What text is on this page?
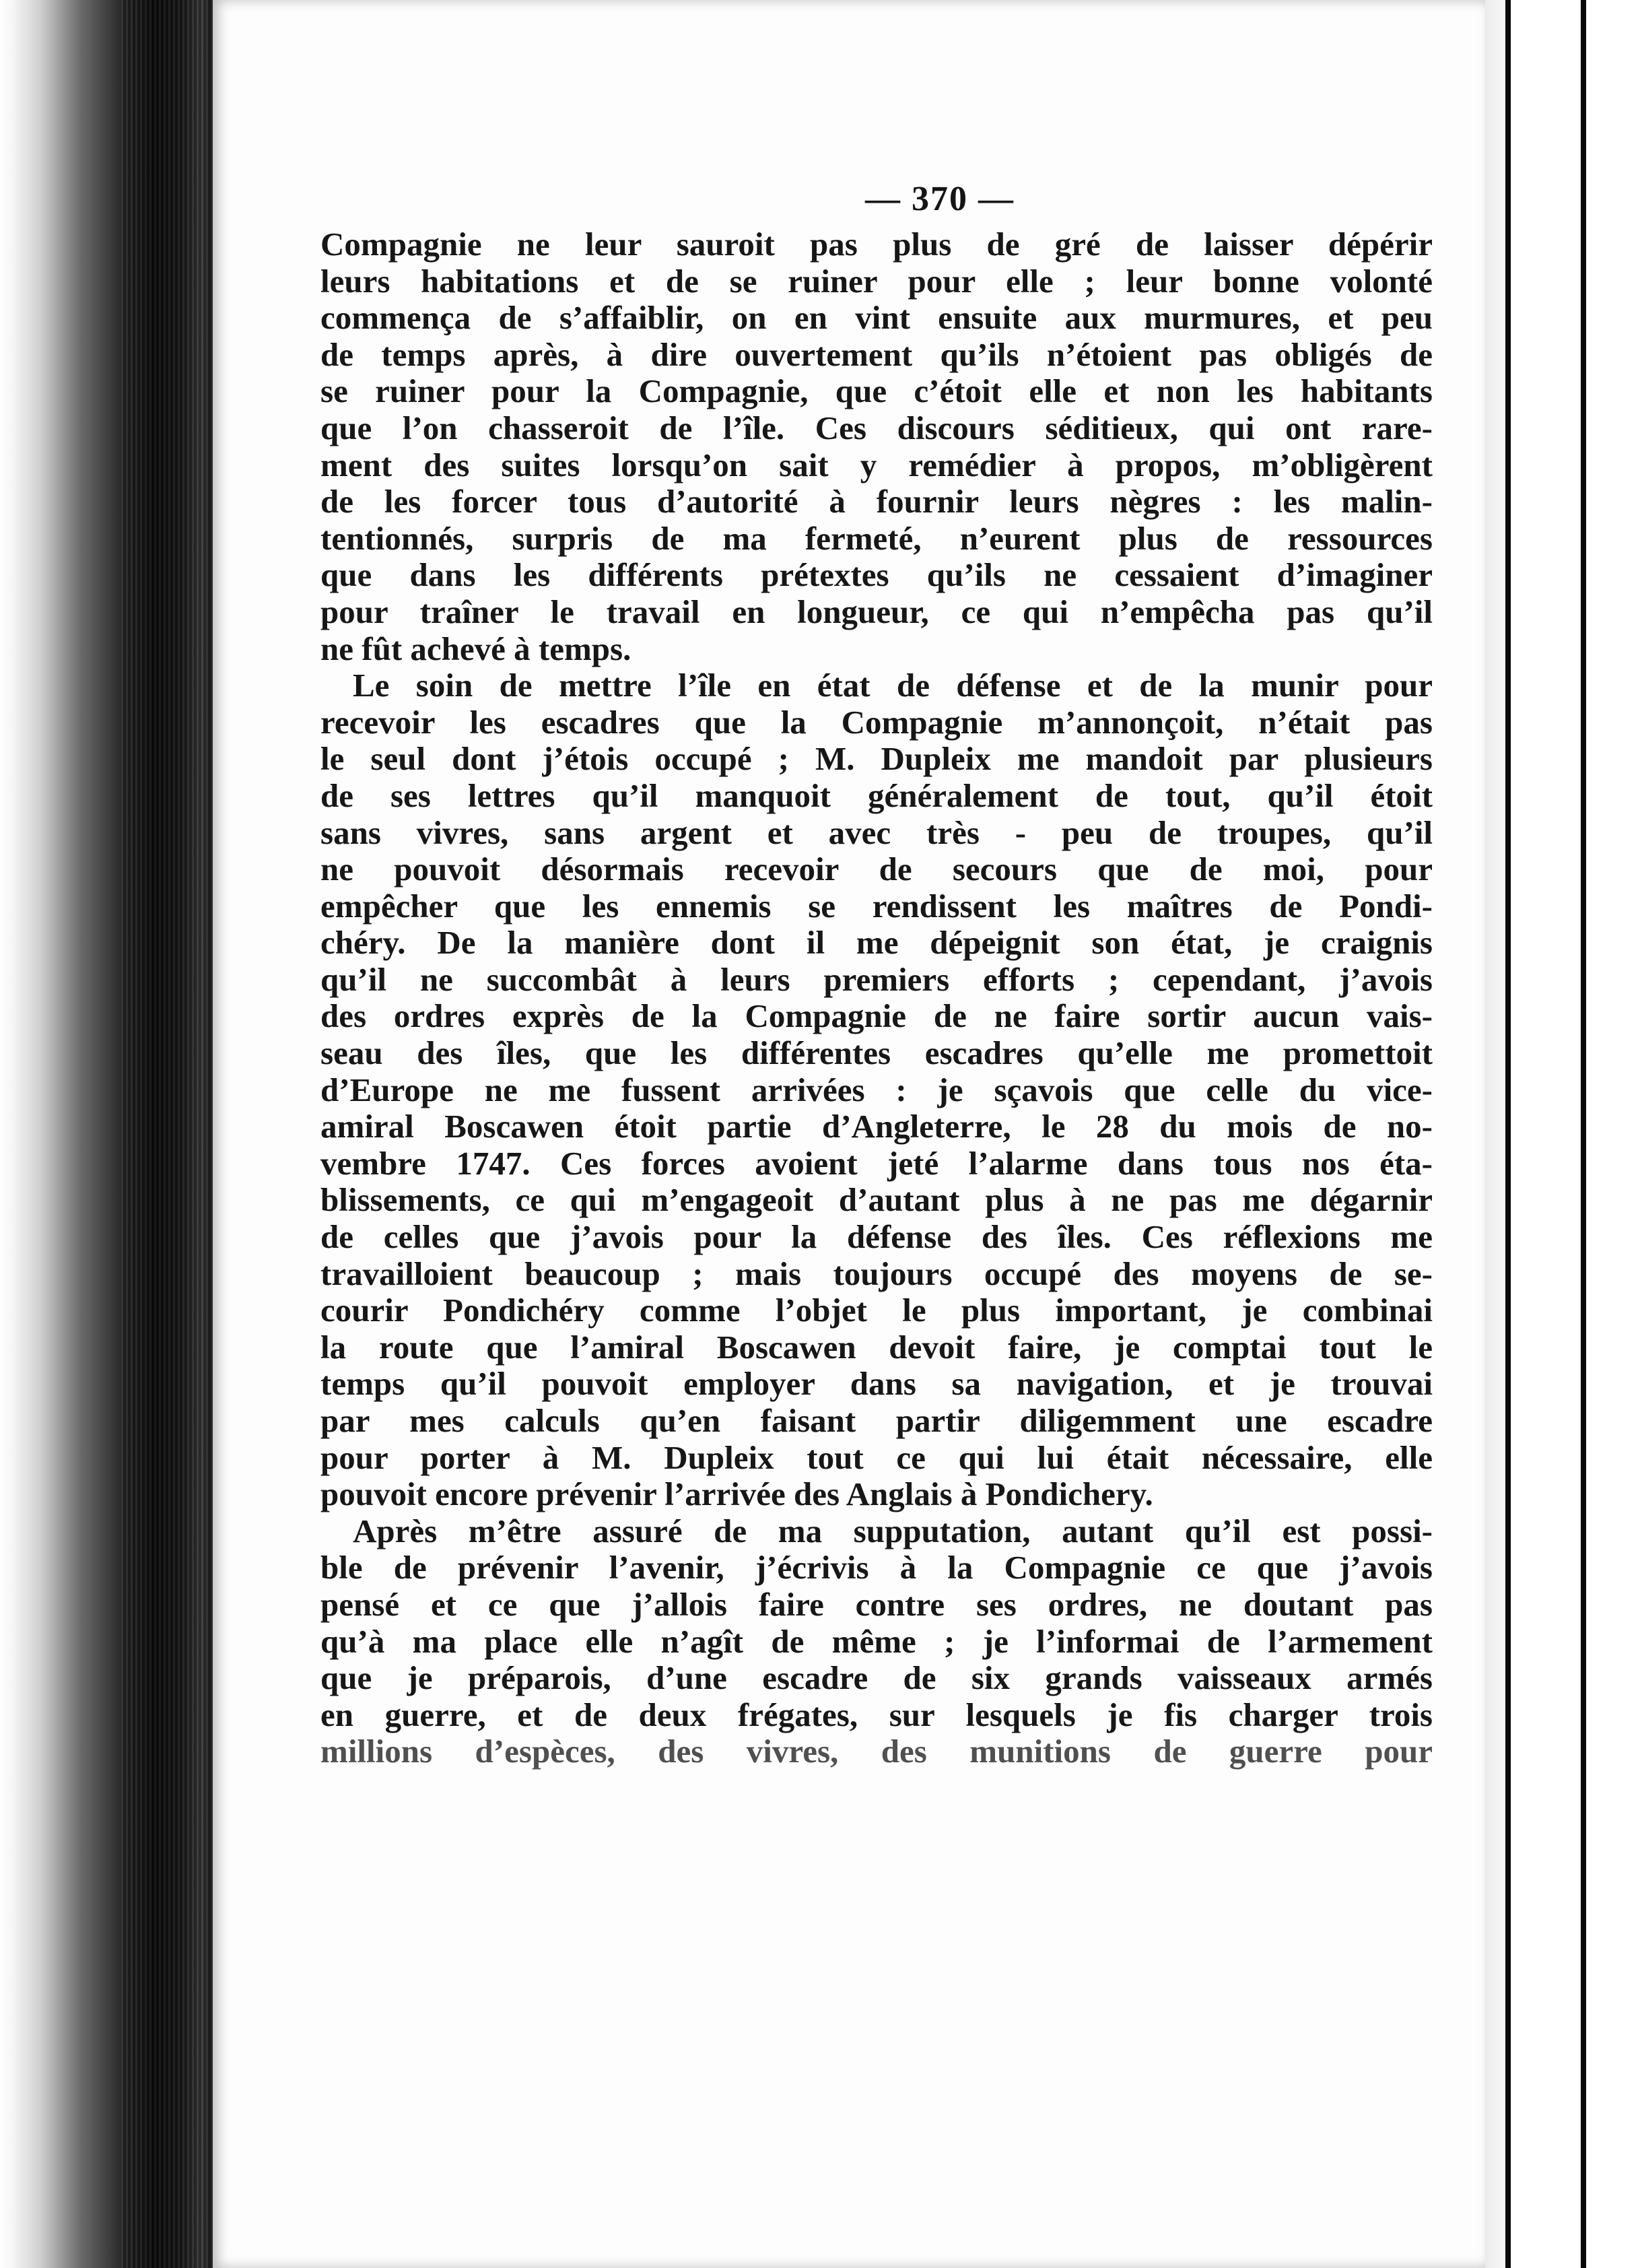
— 370 —
Compagnie ne leur sauroit pas plus de gré de laisser dépérir
leurs habitations et de se ruiner pour elle ; leur bonne volonté
commença de s’affaiblir, on en vint ensuite aux murmures, et peu
de temps après, à dire ouvertement qu’ils n’étoient pas obligés de
se ruiner pour la Compagnie, que c’étoit elle et non les habitants
que l’on chasseroit de l’île. Ces discours séditieux, qui ont rare-
ment des suites lorsqu’on sait y remédier à propos, m’obligèrent
de les forcer tous d’autorité à fournir leurs nègres : les malin-
tentionnés, surpris de ma fermeté, n’eurent plus de ressources
que dans les différents prétextes qu’ils ne cessaient d’imaginer
pour traîner le travail en longueur, ce qui n’empêcha pas qu’il
ne fût achevé à temps.
Le soin de mettre l’île en état de défense et de la munir pour
recevoir les escadres que la Compagnie m’annonçoit, n’était pas
le seul dont j’étois occupé ; M. Dupleix me mandoit par plusieurs
de ses lettres qu’il manquoit généralement de tout, qu’il étoit
sans vivres, sans argent et avec très - peu de troupes, qu’il
ne pouvoit désormais recevoir de secours que de moi, pour
empêcher que les ennemis se rendissent les maîtres de Pondi-
chéry. De la manière dont il me dépeignit son état, je craignis
qu’il ne succombât à leurs premiers efforts ; cependant, j’avois
des ordres exprès de la Compagnie de ne faire sortir aucun vais-
seau des îles, que les différentes escadres qu’elle me promettoit
d’Europe ne me fussent arrivées : je sçavois que celle du vice-
amiral Boscawen étoit partie d’Angleterre, le 28 du mois de no-
vembre 1747. Ces forces avoient jeté l’alarme dans tous nos éta-
blissements, ce qui m’engageoit d’autant plus à ne pas me dégarnir
de celles que j’avois pour la défense des îles. Ces réflexions me
travailloient beaucoup ; mais toujours occupé des moyens de se-
courir Pondichéry comme l’objet le plus important, je combinai
la route que l’amiral Boscawen devoit faire, je comptai tout le
temps qu’il pouvoit employer dans sa navigation, et je trouvai
par mes calculs qu’en faisant partir diligemment une escadre
pour porter à M. Dupleix tout ce qui lui était nécessaire, elle
pouvoit encore prévenir l’arrivée des Anglais à Pondichery.
Après m’être assuré de ma supputation, autant qu’il est possi-
ble de prévenir l’avenir, j’écrivis à la Compagnie ce que j’avois
pensé et ce que j’allois faire contre ses ordres, ne doutant pas
qu’à ma place elle n’agît de même ; je l’informai de l’armement
que je préparois, d’une escadre de six grands vaisseaux armés
en guerre, et de deux frégates, sur lesquels je fis charger trois
millions d’espèces, des vivres, des munitions de guerre pour
